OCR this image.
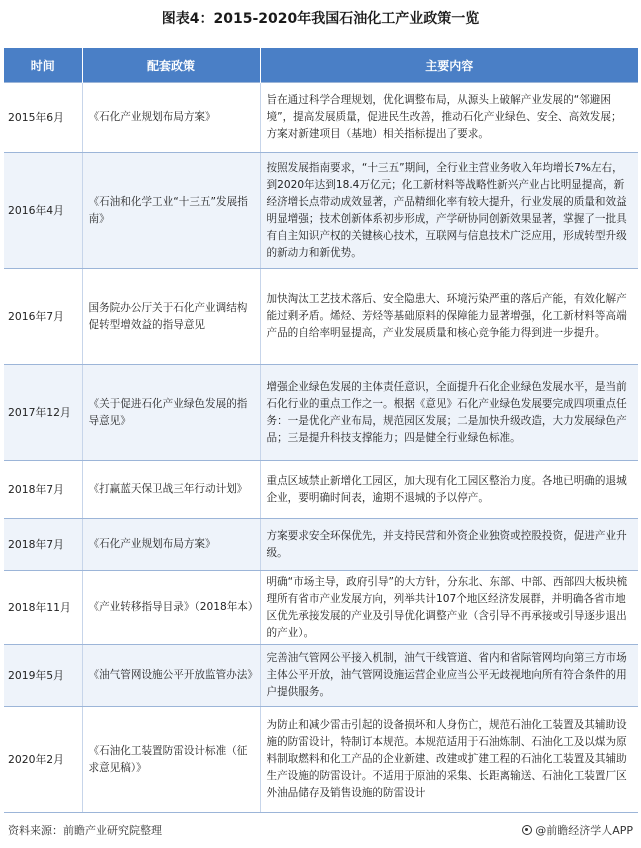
图表4：2015-2020年我国石油化工产业政策一览
时间	配套政策	主要内容
2015年6月	《石化产业规划布局方案》	旨在通过科学合理规划，优化调整布局，从源头上破解产业发展的“邻避困境”，提高发展质量，促进民生改善，推动石化产业绿色、安全、高效发展；方案对新建项目（基地）相关指标提出了要求。
2016年4月	《石油和化学工业“十三五”发展指南》	按照发展指南要求，“十三五”期间，全行业主营业务收入年均增长7%左右，到2020年达到18.4万亿元；化工新材料等战略性新兴产业占比明显提高，新经济增长点带动成效显著，产品精细化率有较大提升，行业发展的质量和效益明显增强；技术创新体系初步形成，产学研协同创新效果显著，掌握了一批具有自主知识产权的关键核心技术，互联网与信息技术广泛应用，形成转型升级的新动力和新优势。
2016年7月	国务院办公厅关于石化产业调结构促转型增效益的指导意见	加快淘汰工艺技术落后、安全隐患大、环境污染严重的落后产能，有效化解产能过剩矛盾。烯烃、芳烃等基础原料的保障能力显著增强，化工新材料等高端产品的自给率明显提高，产业发展质量和核心竞争能力得到进一步提升。
2017年12月	《关于促进石化产业绿色发展的指导意见》	增强企业绿色发展的主体责任意识，全面提升石化企业绿色发展水平，是当前石化行业的重点工作之一。根据《意见》石化产业绿色发展要完成四项重点任务：一是优化产业布局，规范园区发展；二是加快升级改造，大力发展绿色产品；三是提升科技支撑能力；四是健全行业绿色标准。
2018年7月	《打赢蓝天保卫战三年行动计划》	重点区域禁止新增化工园区，加大现有化工园区整治力度。各地已明确的退城企业，要明确时间表，逾期不退城的予以停产。
2018年7月	《石化产业规划布局方案》	方案要求安全环保优先，并支持民营和外资企业独资或控股投资，促进产业升级。
2018年11月	《产业转移指导目录》（2018年本）	明确“市场主导，政府引导”的大方针，分东北、东部、中部、西部四大板块梳理所有省市产业发展方向，列举共计107个地区经济发展群，并明确各省市地区优先承接发展的产业及引导优化调整产业（含引导不再承接或引导逐步退出的产业）。
2019年5月	《油气管网设施公平开放监管办法》	完善油气管网公平接入机制，油气干线管道、省内和省际管网均向第三方市场主体公平开放，油气管网设施运营企业应当公平无歧视地向所有符合条件的用户提供服务。
2020年2月	《石油化工装置防雷设计标准（征求意见稿）》	为防止和减少雷击引起的设备损坏和人身伤亡，规范石油化工装置及其辅助设施的防雷设计，特制订本规范。本规范适用于石油炼制、石油化工及以煤为原料制取燃料和化工产品的企业新建、改建或扩建工程的石油化工装置及其辅助生产设施的防雷设计。不适用于原油的采集、长距离输送、石油化工装置厂区外油品储存及销售设施的防雷设计
资料来源：前瞻产业研究院整理	@前瞻经济学人APP
